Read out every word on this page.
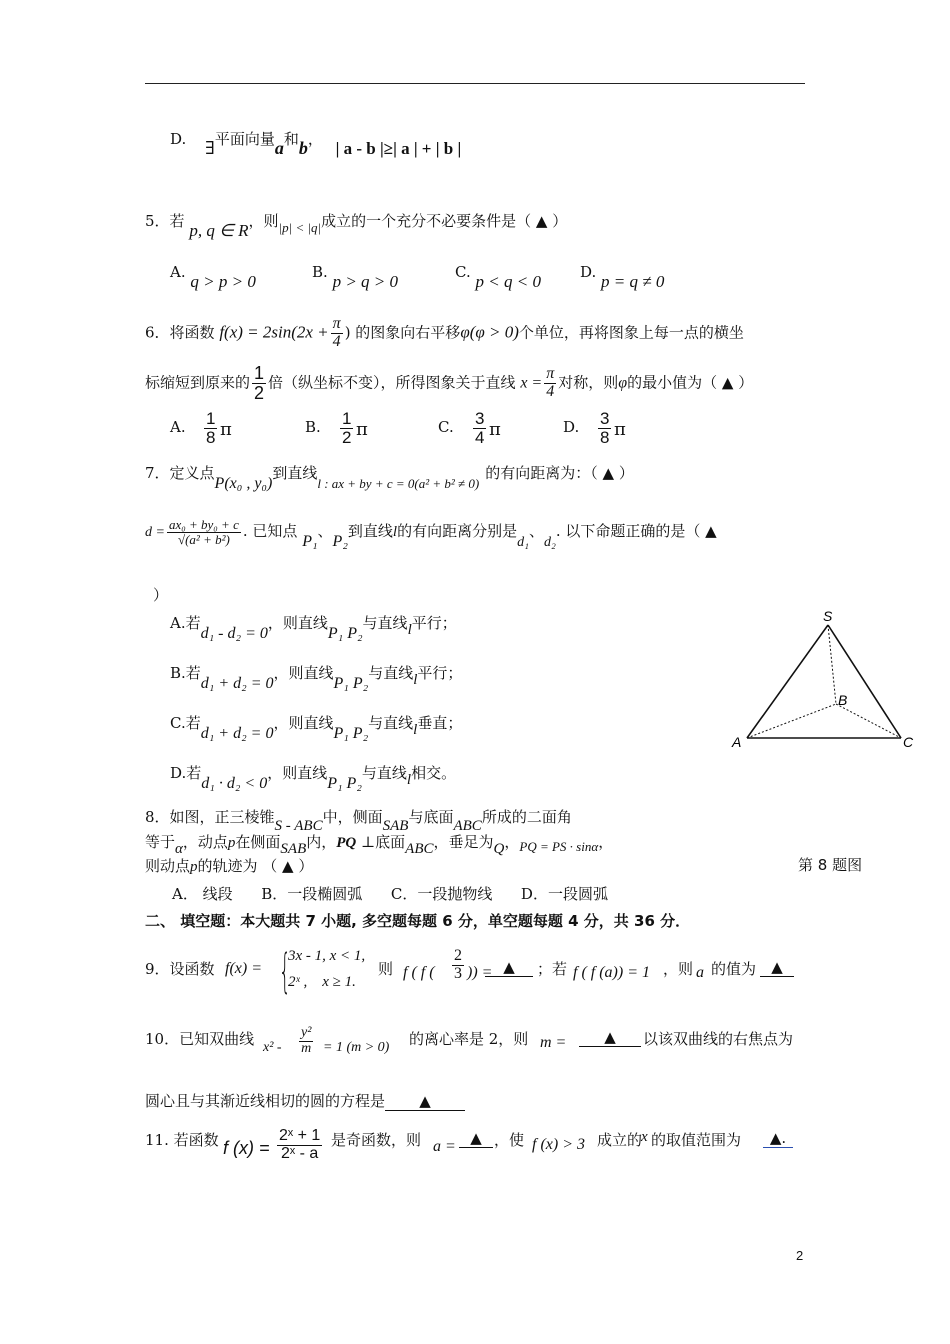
D. ∃平面向量a和b， | a - b |≥| a | + | b |
5．若 p, q ∈ R，则|p| < |q|成立的一个充分不必要条件是（ ▲ ）
A. q > p > 0	B. p > q > 0	C. p < q < 0	D. p = q ≠ 0
6．将函数 $f(x) = 2\sin(2x + \frac{\pi}{4}$ ) 的图象向右平移φ(φ > 0)个单位，再将图象上每一点的横坐
标缩短到原来的 $\frac{1}{2}$ 倍（纵坐标不变），所得图象关于直线 $x = \frac{\pi}{4}$ 对称，则φ的最小值为（ ▲ ）
A. $\frac{1}{8}$ π	B. $\frac{1}{2}$ π	C. $\frac{3}{4}$ π	D. $\frac{3}{8}$ π
7．定义点P(x₀ , y₀)到直线l : ax + by + c = 0(a² + b² ≠ 0)的有向距离为：（ ▲ ）
$d = \frac{\text{ax₀ + by₀ + c}}{\text{√(a² + b²)}}$ . 已知点 P₁、P₂到直线l的有向距离分别是d₁、d₂. 以下命题正确的是（ ▲
）
A.若d₁ - d₂ = 0，则直线P₁ P₂与直线l平行；
B.若d₁ + d₂ = 0，则直线P₁ P₂与直线l平行；
C.若d₁ + d₂ = 0，则直线P₁ P₂与直线l垂直；
D.若d₁ · d₂ < 0，则直线P₁ P₂与直线l相交。
S
A
B
C
8．如图，正三棱锥S - ABC中，侧面SAB与底面ABC所成的二面角
等于α，动点p在侧面SAB内，PQ ⊥底面ABC，垂足为Q，PQ = PS · sinα，
则动点p的轨迹为 （ ▲ ）	第 8 题图
A． 线段      B．一段椭圆弧      C．一段抛物线      D．一段圆弧
二、 填空题：本大题共 7 小题, 多空题每题 6 分，单空题每题 4 分，共 36 分．
9．设函数 f(x) = {
3x - 1, x < 1,
2ˣ ,    x ≥ 1.
则 f ( f ( $\frac{2}{3}$ )) = ▲	；若 f ( f (a)) = 1 ，则 a 的值为	▲
10．已知双曲线 $x^2 - \frac{\text{y²}}{m} = 1$ (m > 0) 的离心率是 2，则 m =	▲	以该双曲线的右焦点为
圆心且与其渐近线相切的圆的方程是 ▲
11. 若函数 f $(x) = \frac{\text{2ˣ + 1}}{\text{2ˣ - a}}$ 是奇函数，则 a = ▲ ，使 f (x) > 3 成立的
x 的取值范围为	▲.
2
